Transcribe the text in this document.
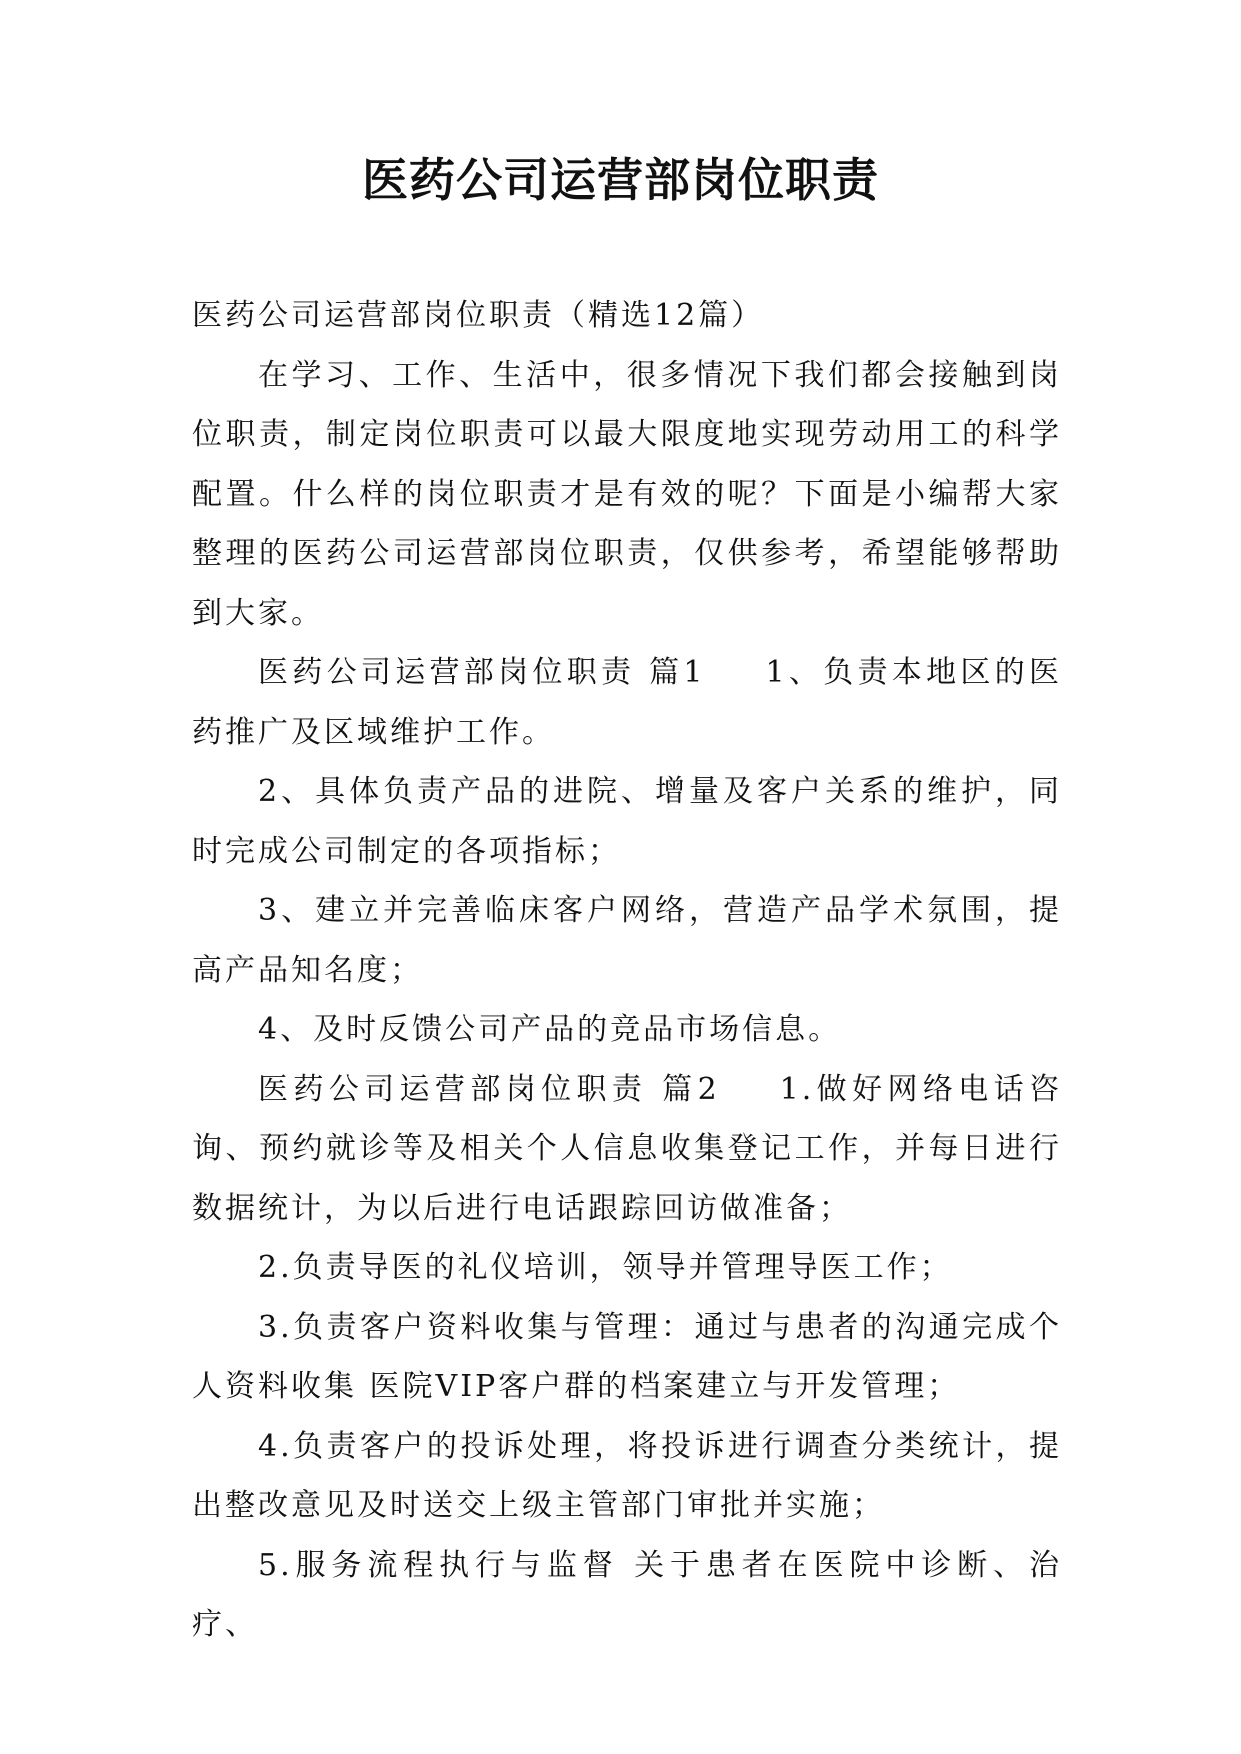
医药公司运营部岗位职责

医药公司运营部岗位职责（精选12篇）

在学习、工作、生活中，很多情况下我们都会接触到岗位职责，制定岗位职责可以最大限度地实现劳动用工的科学配置。什么样的岗位职责才是有效的呢？下面是小编帮大家整理的医药公司运营部岗位职责，仅供参考，希望能够帮助到大家。

医药公司运营部岗位职责 篇1 1、负责本地区的医药推广及区域维护工作。

2、具体负责产品的进院、增量及客户关系的维护，同时完成公司制定的各项指标；

3、建立并完善临床客户网络，营造产品学术氛围，提高产品知名度；

4、及时反馈公司产品的竞品市场信息。

医药公司运营部岗位职责 篇2 1.做好网络电话咨询、预约就诊等及相关个人信息收集登记工作，并每日进行数据统计，为以后进行电话跟踪回访做准备；

2.负责导医的礼仪培训，领导并管理导医工作；

3.负责客户资料收集与管理：通过与患者的沟通完成个人资料收集 医院VIP客户群的档案建立与开发管理；

4.负责客户的投诉处理，将投诉进行调查分类统计，提出整改意见及时送交上级主管部门审批并实施；

5.服务流程执行与监督 关于患者在医院中诊断、治疗、
